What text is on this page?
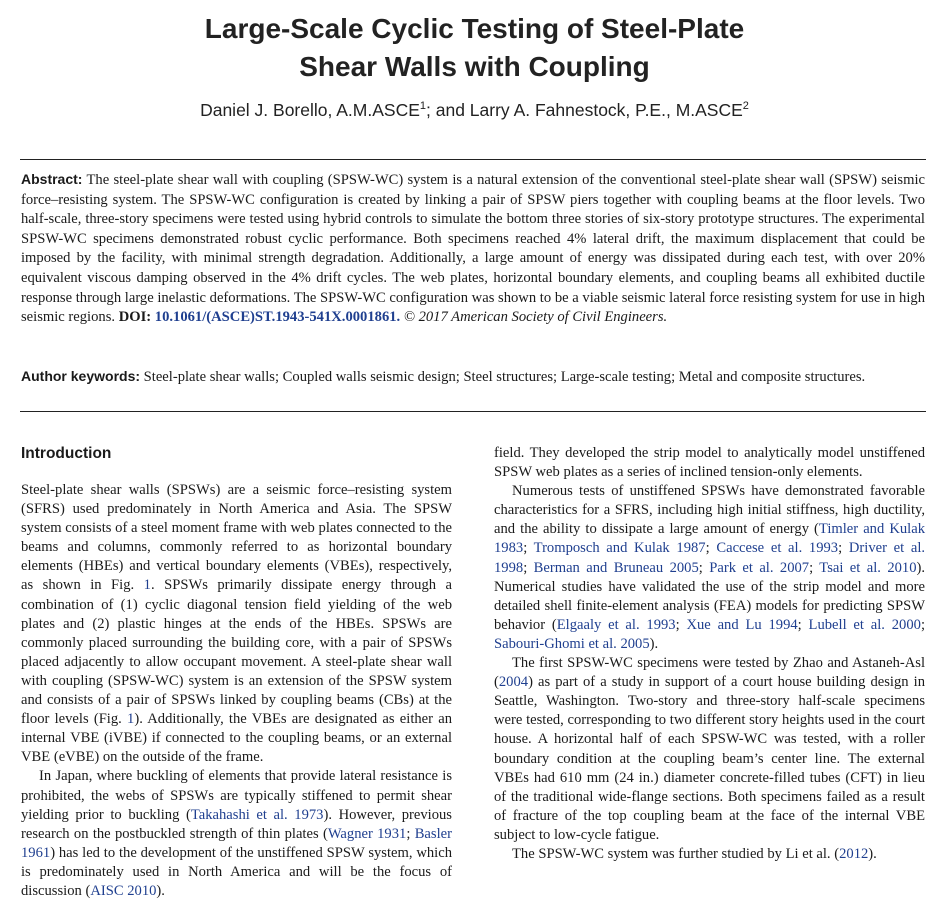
Large-Scale Cyclic Testing of Steel-Plate
Shear Walls with Coupling
Daniel J. Borello, A.M.ASCE$^1$; and Larry A. Fahnestock, P.E., M.ASCE$^2$

Abstract: The steel-plate shear wall with coupling (SPSW-WC) system is a natural extension of the conventional steel-plate shear wall (SPSW) seismic force–resisting system. The SPSW-WC configuration is created by linking a pair of SPSW piers together with coupling beams at the floor levels. Two half-scale, three-story specimens were tested using hybrid controls to simulate the bottom three stories of six-story prototype structures. The experimental SPSW-WC specimens demonstrated robust cyclic performance. Both specimens reached 4% lateral drift, the maximum displacement that could be imposed by the facility, with minimal strength degradation. Additionally, a large amount of energy was dissipated during each test, with over 20% equivalent viscous damping observed in the 4% drift cycles. The web plates, horizontal boundary elements, and coupling beams all exhibited ductile response through large inelastic deformations. The SPSW-WC configuration was shown to be a viable seismic lateral force resisting system for use in high seismic regions. DOI: 10.1061/(ASCE)ST.1943-541X.0001861. © 2017 American Society of Civil Engineers.

Author keywords: Steel-plate shear walls; Coupled walls seismic design; Steel structures; Large-scale testing; Metal and composite structures.

Introduction

Steel-plate shear walls (SPSWs) are a seismic force–resisting system (SFRS) used predominately in North America and Asia. The SPSW system consists of a steel moment frame with web plates connected to the beams and columns, commonly referred to as horizontal boundary elements (HBEs) and vertical boundary elements (VBEs), respectively, as shown in Fig. 1. SPSWs primarily dissipate energy through a combination of (1) cyclic diagonal tension field yielding of the web plates and (2) plastic hinges at the ends of the HBEs. SPSWs are commonly placed surrounding the building core, with a pair of SPSWs placed adjacently to allow occupant movement. A steel-plate shear wall with coupling (SPSW-WC) system is an extension of the SPSW system and consists of a pair of SPSWs linked by coupling beams (CBs) at the floor levels (Fig. 1). Additionally, the VBEs are designated as either an internal VBE (iVBE) if connected to the coupling beams, or an external VBE (eVBE) on the outside of the frame.

In Japan, where buckling of elements that provide lateral resistance is prohibited, the webs of SPSWs are typically stiffened to permit shear yielding prior to buckling (Takahashi et al. 1973). However, previous research on the postbuckled strength of thin plates (Wagner 1931; Basler 1961) has led to the development of the unstiffened SPSW system, which is predominately used in North America and will be the focus of discussion (AISC 2010).

field. They developed the strip model to analytically model unstiffened SPSW web plates as a series of inclined tension-only elements.

Numerous tests of unstiffened SPSWs have demonstrated favorable characteristics for a SFRS, including high initial stiffness, high ductility, and the ability to dissipate a large amount of energy (Timler and Kulak 1983; Tromposch and Kulak 1987; Caccese et al. 1993; Driver et al. 1998; Berman and Bruneau 2005; Park et al. 2007; Tsai et al. 2010). Numerical studies have validated the use of the strip model and more detailed shell finite-element analysis (FEA) models for predicting SPSW behavior (Elgaaly et al. 1993; Xue and Lu 1994; Lubell et al. 2000; Sabouri-Ghomi et al. 2005).

The first SPSW-WC specimens were tested by Zhao and Astaneh-Asl (2004) as part of a study in support of a court house building design in Seattle, Washington. Two-story and three-story half-scale specimens were tested, corresponding to two different story heights used in the court house. A horizontal half of each SPSW-WC was tested, with a roller boundary condition at the coupling beam’s center line. The external VBEs had 610 mm (24 in.) diameter concrete-filled tubes (CFT) in lieu of the traditional wide-flange sections. Both specimens failed as a result of fracture of the top coupling beam at the face of the internal VBE subject to low-cycle fatigue.

The SPSW-WC system was further studied by Li et al. (2012).
